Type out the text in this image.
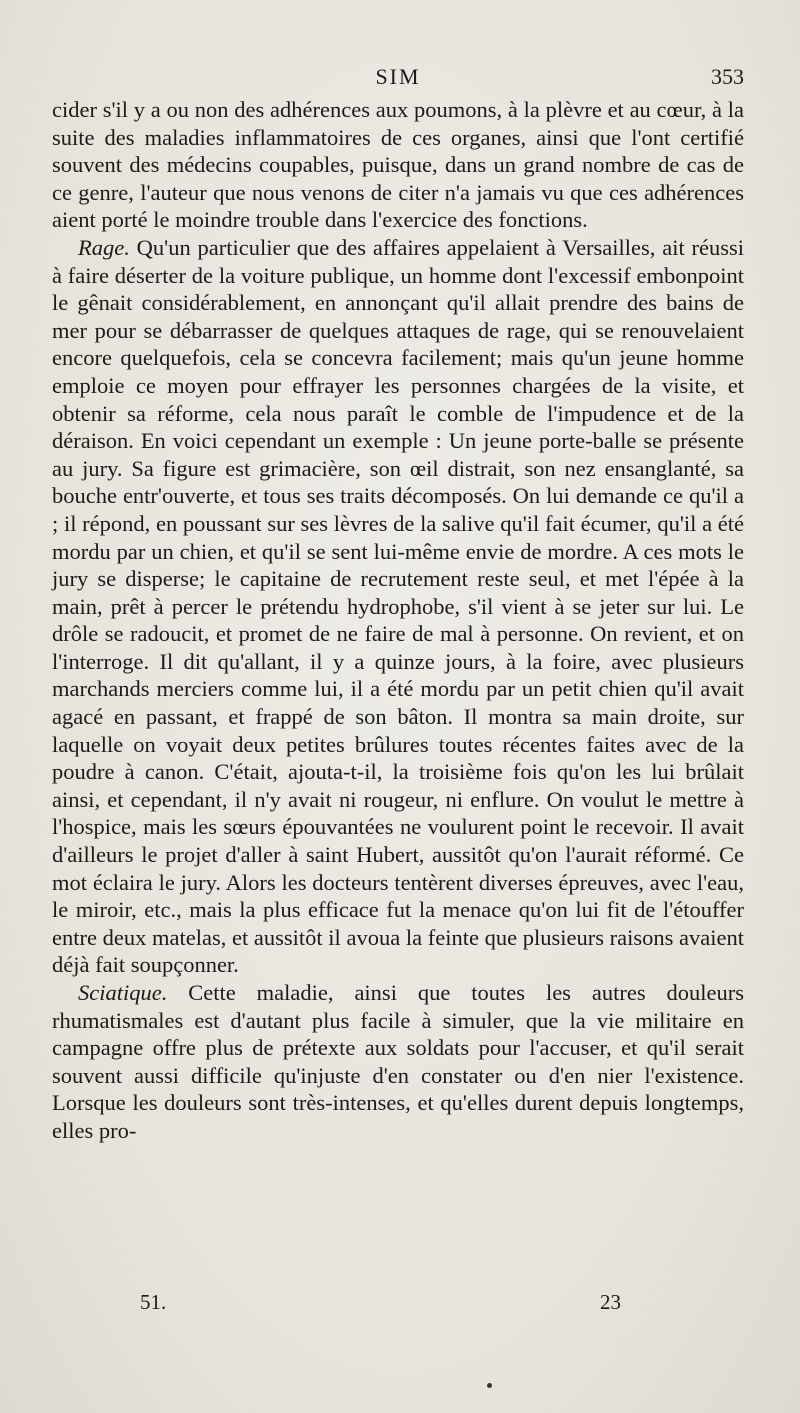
SIM	353

cider s'il y a ou non des adhérences aux poumons, à la plèvre et au cœur, à la suite des maladies inflammatoires de ces organes, ainsi que l'ont certifié souvent des médecins coupables, puisque, dans un grand nombre de cas de ce genre, l'auteur que nous venons de citer n'a jamais vu que ces adhérences aient porté le moindre trouble dans l'exercice des fonctions.

Rage. Qu'un particulier que des affaires appelaient à Versailles, ait réussi à faire déserter de la voiture publique, un homme dont l'excessif embonpoint le gênait considérablement, en annonçant qu'il allait prendre des bains de mer pour se débarrasser de quelques attaques de rage, qui se renouvelaient encore quelquefois, cela se concevra facilement; mais qu'un jeune homme emploie ce moyen pour effrayer les personnes chargées de la visite, et obtenir sa réforme, cela nous paraît le comble de l'impudence et de la déraison. En voici cependant un exemple : Un jeune porte-balle se présente au jury. Sa figure est grimacière, son œil distrait, son nez ensanglanté, sa bouche entr'ouverte, et tous ses traits décomposés. On lui demande ce qu'il a ; il répond, en poussant sur ses lèvres de la salive qu'il fait écumer, qu'il a été mordu par un chien, et qu'il se sent lui-même envie de mordre. A ces mots le jury se disperse; le capitaine de recrutement reste seul, et met l'épée à la main, prêt à percer le prétendu hydrophobe, s'il vient à se jeter sur lui. Le drôle se radoucit, et promet de ne faire de mal à personne. On revient, et on l'interroge. Il dit qu'allant, il y a quinze jours, à la foire, avec plusieurs marchands merciers comme lui, il a été mordu par un petit chien qu'il avait agacé en passant, et frappé de son bâton. Il montra sa main droite, sur laquelle on voyait deux petites brûlures toutes récentes faites avec de la poudre à canon. C'était, ajouta-t-il, la troisième fois qu'on les lui brûlait ainsi, et cependant, il n'y avait ni rougeur, ni enflure. On voulut le mettre à l'hospice, mais les sœurs épouvantées ne voulurent point le recevoir. Il avait d'ailleurs le projet d'aller à saint Hubert, aussitôt qu'on l'aurait réformé. Ce mot éclaira le jury. Alors les docteurs tentèrent diverses épreuves, avec l'eau, le miroir, etc., mais la plus efficace fut la menace qu'on lui fit de l'étouffer entre deux matelas, et aussitôt il avoua la feinte que plusieurs raisons avaient déjà fait soupçonner.

Sciatique. Cette maladie, ainsi que toutes les autres douleurs rhumatismales est d'autant plus facile à simuler, que la vie militaire en campagne offre plus de prétexte aux soldats pour l'accuser, et qu'il serait souvent aussi difficile qu'injuste d'en constater ou d'en nier l'existence. Lorsque les douleurs sont très-intenses, et qu'elles durent depuis longtemps, elles pro-

51.	23
